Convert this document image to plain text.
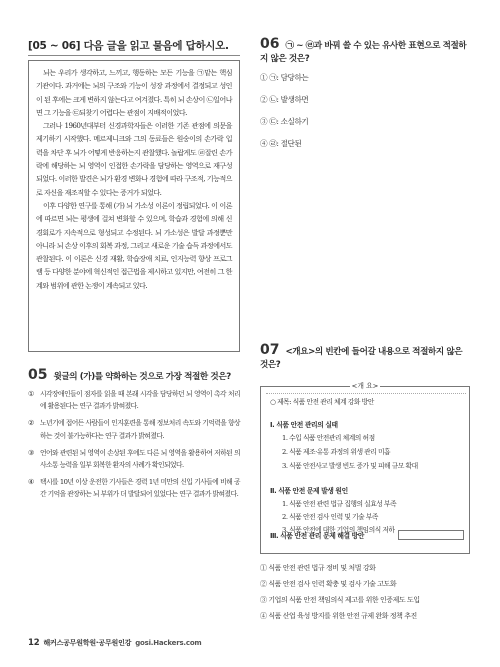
[05 ~ 06] 다음 글을 읽고 물음에 답하시오.

뇌는 우리가 생각하고, 느끼고, 행동하는 모든 기능을 ㉠맡는 핵심 기관이다. 과거에는 뇌의 구조와 기능이 성장 과정에서 결정되고 성인이 된 후에는 크게 변하지 않는다고 여겨졌다. 특히 뇌 손상이 ㉡일어나면 그 기능을 ㉢되찾기 어렵다는 관점이 지배적이었다.

그러나 1960년대부터 신경과학자들은 이러한 기존 관점에 의문을 제기하기 시작했다. 메르제니크와 그의 동료들은 원숭이의 손가락 입력을 차단 후 뇌가 어떻게 반응하는지 관찰했다. 놀랍게도 ㉣잘린 손가락에 해당하는 뇌 영역이 인접한 손가락을 담당하는 영역으로 재구성되었다. 이러한 발견은 뇌가 환경 변화나 경험에 따라 구조적, 기능적으로 자신을 재조직할 수 있다는 증거가 되었다.

이후 다양한 연구를 통해 (가) 뇌 가소성 이론이 정립되었다. 이 이론에 따르면 뇌는 평생에 걸쳐 변화할 수 있으며, 학습과 경험에 의해 신경회로가 지속적으로 형성되고 수정된다. 뇌 가소성은 발달 과정뿐만 아니라 뇌 손상 이후의 회복 과정, 그리고 새로운 기술 습득 과정에서도 관찰된다. 이 이론은 신경 재활, 학습장애 치료, 인지능력 향상 프로그램 등 다양한 분야에 혁신적인 접근법을 제시하고 있지만, 여전히 그 한계와 범위에 관한 논쟁이 계속되고 있다.

05 윗글의 (가)를 약화하는 것으로 가장 적절한 것은?
① 시각장애인들이 점자를 읽을 때 본래 시각을 담당하던 뇌 영역이 촉각 처리에 활용된다는 연구 결과가 밝혀졌다.
② 노년기에 접어든 사람들이 인지훈련을 통해 정보처리 속도와 기억력을 향상하는 것이 불가능하다는 연구 결과가 밝혀졌다.
③ 언어와 관련된 뇌 영역이 손상된 후에도 다른 뇌 영역을 활용하여 저하된 의사소통 능력을 일부 회복한 환자의 사례가 확인되었다.
④ 택시를 10년 이상 운전한 기사들은 경력 1년 미만의 신입 기사들에 비해 공간 기억을 관장하는 뇌 부위가 더 발달되어 있었다는 연구 결과가 밝혀졌다.
06 ㉠ ~ ㉣과 바꿔 쓸 수 있는 유사한 표현으로 적절하
지 않은 것은?
① ㉠: 담당하는
② ㉡: 발생하면
③ ㉢: 소실하기
④ ㉣: 절단된
07 <개요>의 빈칸에 들어갈 내용으로 적절하지 않은
것은?
<개 요>
○ 제목: 식품 안전 관리 체계 강화 방안
Ⅰ. 식품 안전 관리의 실태
1. 수입 식품 안전관리 체계의 허점
2. 식품 제조·유통 과정의 위생 관리 미흡
3. 식품 안전사고 발생 빈도 증가 및 피해 규모 확대
Ⅱ. 식품 안전 문제 발생 원인
1. 식품 안전 관련 법규 집행의 실효성 부족
2. 식품 안전 검사 인력 및 기술 부족
3. 식품 안전에 대한 기업의 책임의식 저하
Ⅲ. 식품 안전 관리 문제 해결 방안
① 식품 안전 관련 법규 정비 및 처벌 강화
② 식품 안전 검사 인력 확충 및 검사 기술 고도화
③ 기업의 식품 안전 책임의식 제고를 위한 인증제도 도입
④ 식품 산업 육성 방지를 위한 안전 규제 완화 정책 추진
12 해커스공무원학원·공무원인강 gosi.Hackers.com
